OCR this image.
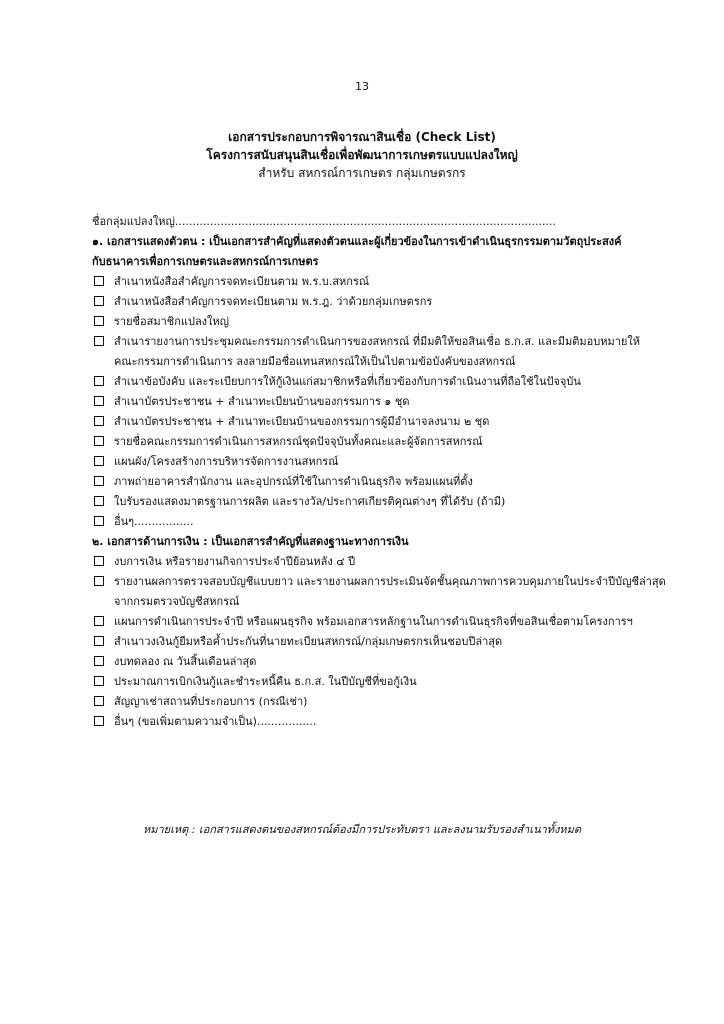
13
เอกสารประกอบการพิจารณาสินเชื่อ (Check List)
โครงการสนับสนุนสินเชื่อเพื่อพัฒนาการเกษตรแบบแปลงใหญ่
สำหรับ สหกรณ์การเกษตร กลุ่มเกษตรกร
ชื่อกลุ่มแปลงใหญ่.............................................................................................................
๑. เอกสารแสดงตัวตน : เป็นเอกสารสำคัญที่แสดงตัวตนและผู้เกี่ยวข้องในการเข้าดำเนินธุรกรรมตามวัตถุประสงค์
กับธนาคารเพื่อการเกษตรและสหกรณ์การเกษตร
สำเนาหนังสือสำคัญการจดทะเบียนตาม พ.ร.บ.สหกรณ์
สำเนาหนังสือสำคัญการจดทะเบียนตาม พ.ร.ฎ. ว่าด้วยกลุ่มเกษตรกร
รายชื่อสมาชิกแปลงใหญ่
สำเนารายงานการประชุมคณะกรรมการดำเนินการของสหกรณ์ ที่มีมติให้ขอสินเชื่อ ธ.ก.ส. และมีมติมอบหมายให้
คณะกรรมการดำเนินการ ลงลายมือชื่อแทนสหกรณ์ให้เป็นไปตามข้อบังคับของสหกรณ์
สำเนาข้อบังคับ และระเบียบการให้กู้เงินแก่สมาชิกหรือที่เกี่ยวข้องกับการดำเนินงานที่ถือใช้ในปัจจุบัน
สำเนาบัตรประชาชน + สำเนาทะเบียนบ้านของกรรมการ ๑ ชุด
สำเนาบัตรประชาชน + สำเนาทะเบียนบ้านของกรรมการผู้มีอำนาจลงนาม ๒ ชุด
รายชื่อคณะกรรมการดำเนินการสหกรณ์ชุดปัจจุบันทั้งคณะและผู้จัดการสหกรณ์
แผนผัง/โครงสร้างการบริหารจัดการงานสหกรณ์
ภาพถ่ายอาคารสำนักงาน และอุปกรณ์ที่ใช้ในการดำเนินธุรกิจ พร้อมแผนที่ตั้ง
ใบรับรองแสดงมาตรฐานการผลิต และรางวัล/ประกาศเกียรติคุณต่างๆ ที่ได้รับ (ถ้ามี)
อื่นๆ.................
๒. เอกสารด้านการเงิน : เป็นเอกสารสำคัญที่แสดงฐานะทางการเงิน
งบการเงิน หรือรายงานกิจการประจำปีย้อนหลัง ๔ ปี
รายงานผลการตรวจสอบบัญชีแบบยาว และรายงานผลการประเมินจัดชั้นคุณภาพการควบคุมภายในประจำปีบัญชีล่าสุด
จากกรมตรวจบัญชีสหกรณ์
แผนการดำเนินการประจำปี หรือแผนธุรกิจ พร้อมเอกสารหลักฐานในการดำเนินธุรกิจที่ขอสินเชื่อตามโครงการฯ
สำเนาวงเงินกู้ยืมหรือค้ำประกันที่นายทะเบียนสหกรณ์/กลุ่มเกษตรกรเห็นชอบปีล่าสุด
งบทดลอง ณ วันสิ้นเดือนล่าสุด
ประมาณการเบิกเงินกู้และชำระหนี้คืน ธ.ก.ส. ในปีบัญชีที่ขอกู้เงิน
สัญญาเช่าสถานที่ประกอบการ (กรณีเช่า)
อื่นๆ (ขอเพิ่มตามความจำเป็น).................
หมายเหตุ : เอกสารแสดงตนของสหกรณ์ต้องมีการประทับตรา และลงนามรับรองสำเนาทั้งหมด
